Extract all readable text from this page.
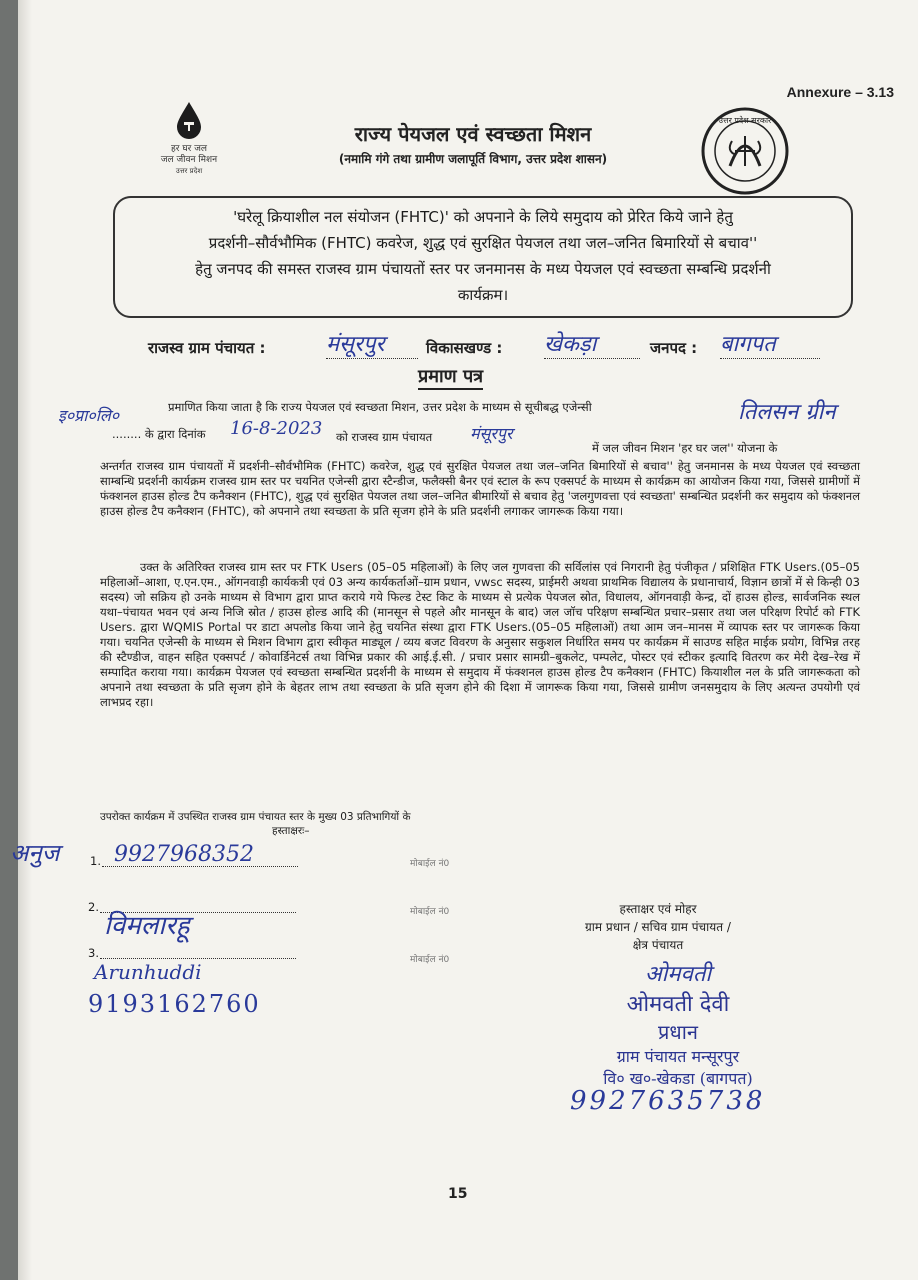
Annexure – 3.13
हर घर जल
जल जीवन मिशन
उत्तर प्रदेश
राज्य पेयजल एवं स्वच्छता मिशन
(नमामि गंगे तथा ग्रामीण जलापूर्ति विभाग, उत्तर प्रदेश शासन)
उत्तर प्रदेश सरकार
'घरेलू क्रियाशील नल संयोजन (FHTC)' को अपनाने के लिये समुदाय को प्रेरित किये जाने हेतु
प्रदर्शनी–सौर्वभौमिक (FHTC) कवरेज, शुद्ध एवं सुरक्षित पेयजल तथा जल–जनित बिमारियों से बचाव''
हेतु जनपद की समस्त राजस्व ग्राम पंचायतों स्तर पर जनमानस के मध्य पेयजल एवं स्वच्छता सम्बन्धि प्रदर्शनी
कार्यक्रम।
राजस्व ग्राम पंचायत :	मंसूरपुर	विकासखण्ड : खेकड़ा	जनपद : बागपत
प्रमाण पत्र
इ०प्रा०लि०	प्रमाणित किया जाता है कि राज्य पेयजल एवं स्वच्छता मिशन, उत्तर प्रदेश के माध्यम से सूचीबद्ध एजेन्सी	तिलसन ग्रीन
........ के द्वारा दिनांक 16-8-2023 को राजस्व ग्राम पंचायत मंसूरपुर
में जल जीवन मिशन 'हर घर जल'' योजना के

अन्तर्गत राजस्व ग्राम पंचायतों में प्रदर्शनी–सौर्वभौमिक (FHTC) कवरेज, शुद्ध एवं सुरक्षित पेयजल तथा जल–जनित बिमारियों से बचाव'' हेतु जनमानस के मध्य पेयजल एवं स्वच्छता साम्बन्धि प्रदर्शनी कार्यक्रम राजस्व ग्राम स्तर पर चयनित एजेन्सी द्वारा स्टैन्डीज, फलैक्सी बैनर एवं स्टाल के रूप एक्सपर्ट के माध्यम से कार्यक्रम का आयोजन किया गया, जिससे ग्रामीणों में फंक्शनल हाउस होल्ड टैप कनैक्शन (FHTC), शुद्ध एवं सुरक्षित पेयजल तथा जल–जनित बीमारियों से बचाव हेतु 'जलगुणवत्ता एवं स्वच्छता' सम्बन्धित प्रदर्शनी कर समुदाय को फंक्शनल हाउस होल्ड टैप कनैक्शन (FHTC), को अपनाने तथा स्वच्छता के प्रति सृजग होने के प्रति प्रदर्शनी लगाकर जागरूक किया गया।

उक्त के अतिरिक्त राजस्व ग्राम स्तर पर FTK Users (05–05 महिलाओं) के लिए जल गुणवत्ता की सर्विलांस एवं निगरानी हेतु पंजीकृत / प्रशिक्षित FTK Users.(05–05 महिलाओं–आशा, ए.एन.एम., ऑगनवाड़ी कार्यकत्री एवं 03 अन्य कार्यकर्ताओं–ग्राम प्रधान, vwsc सदस्य, प्राईमरी अथवा प्राथमिक विद्यालय के प्रधानाचार्य, विज्ञान छात्रों में से किन्ही 03 सदस्य) जो सक्रिय हो उनके माध्यम से विभाग द्वारा प्राप्त कराये गये फिल्ड टेस्ट किट के माध्यम से प्रत्येक पेयजल स्रोत, विधालय, ऑगनवाड़ी केन्द्र, दों हाउस होल्ड, सार्वजनिक स्थल यथा–पंचायत भवन एवं अन्य निजि स्रोत / हाउस होल्ड आदि की (मानसून से पहले और मानसून के बाद) जल जॉच परिक्षण सम्बन्धित प्रचार–प्रसार तथा जल परिक्षण रिपोर्ट को FTK Users. द्वारा WQMIS Portal पर डाटा अपलोड किया जाने हेतु चयनित संस्था द्वारा FTK Users.(05–05 महिलाओं) तथा आम जन–मानस में व्यापक स्तर पर जागरूक किया गया। चयनित एजेन्सी के माध्यम से मिशन विभाग द्वारा स्वीकृत माड्यूल / व्यय बजट विवरण के अनुसार सकुशल निर्धारित समय पर कार्यक्रम में साउण्ड सहित माईक प्रयोग, विभिन्न तरह की स्टैण्डीज, वाहन सहित एक्सपर्ट / कोवार्डिनेटर्स तथा विभिन्न प्रकार की आई.ई.सी. / प्रचार प्रसार सामग्री–बुकलेट, पम्पलेट, पोस्टर एवं स्टीकर इत्यादि वितरण कर मेरी देख–रेख में सम्पादित कराया गया। कार्यक्रम पेयजल एवं स्वच्छता सम्बन्धित प्रदर्शनी के माध्यम से समुदाय में फंक्शनल हाउस होल्ड टैप कनैक्शन (FHTC) कियाशील नल के प्रति जागरूकता को अपनाने तथा स्वच्छता के प्रति सृजग होने के बेहतर लाभ तथा स्वच्छता के प्रति सृजग होने की दिशा में जागरूक किया गया, जिससे ग्रामीण जनसमुदाय के लिए अत्यन्त उपयोगी एवं लाभप्रद रहा।

उपरोक्त कार्यक्रम में उपस्थित राजस्व ग्राम पंचायत स्तर के मुख्य 03 प्रतिभागियों के
हस्ताक्षरः–
1.
अनुज 9927968352	मोबाईल नं0
2.
विमलारहू	मोबाईल नं0
3.
Arunhuddi
9193162760
मोबाईल नं0
हस्ताक्षर एवं मोहर
ग्राम प्रधान / सचिव ग्राम पंचायत /
क्षेत्र पंचायत
ओमवती
ओमवती देवी
प्रधान
ग्राम पंचायत मन्सूरपुर
वि० ख०-खेकडा (बागपत)
9927635738
15
